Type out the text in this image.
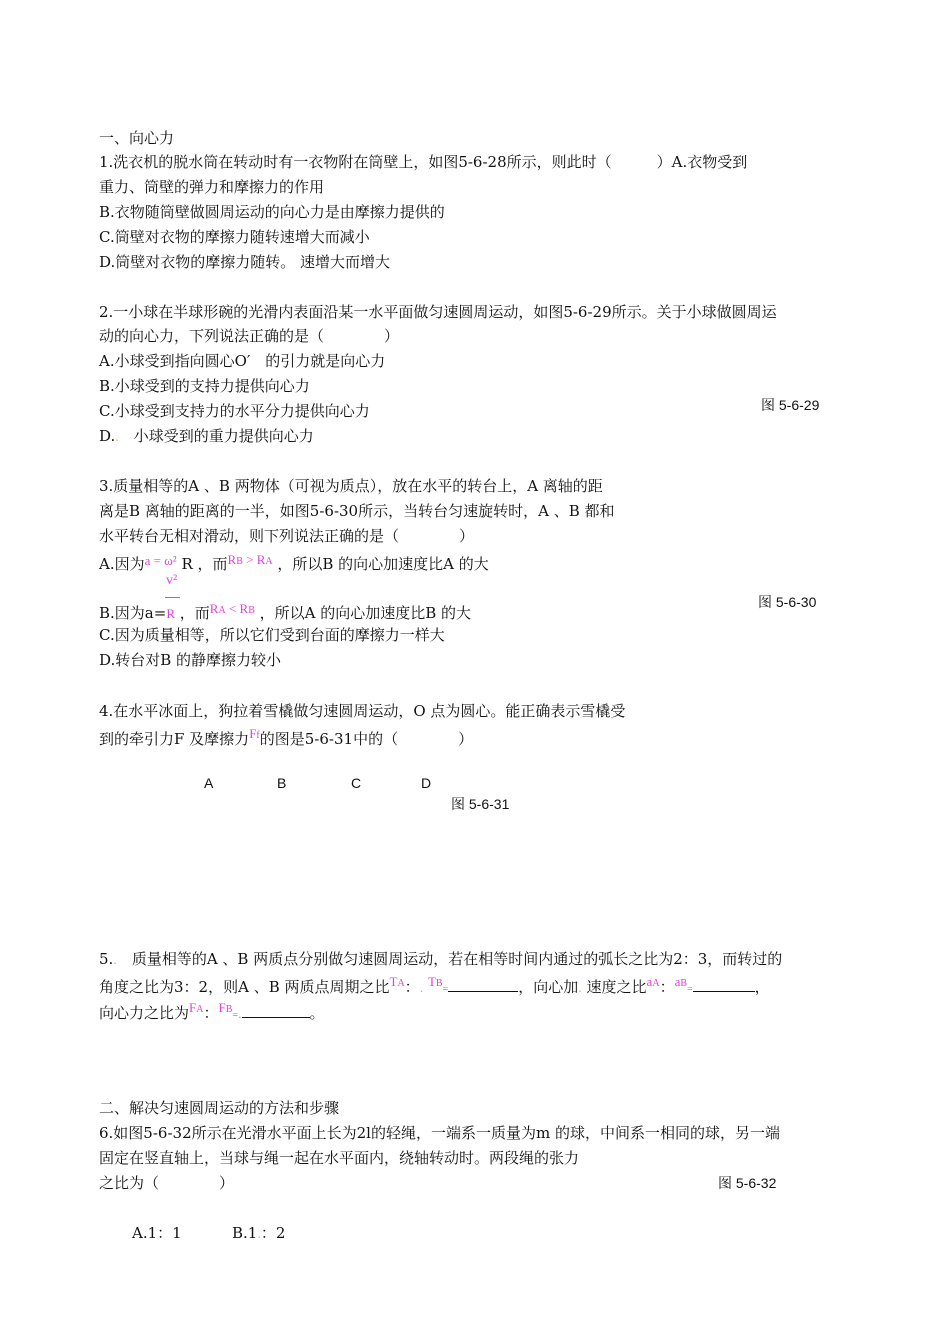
一、向心力
1.洗衣机的脱水筒在转动时有一衣物附在筒壁上，如图5-6-28所示，则此时（　　　）A.衣物受到
重力、筒壁的弹力和摩擦力的作用
B.衣物随筒壁做圆周运动的向心力是由摩擦力提供的
C.筒壁对衣物的摩擦力随转速增大而减小
D.筒壁对衣物的摩擦力随转。 速增大而增大
2.一小球在半球形碗的光滑内表面沿某一水平面做匀速圆周运动，如图5-6-29所示。关于小球做圆周运
动的向心力，下列说法正确的是（　　　　）
A.小球受到指向圆心O′　的引力就是向心力
B.小球受到的支持力提供向心力
C.小球受到支持力的水平分力提供向心力
D..　小球受到的重力提供向心力
图 5-6-29
3.质量相等的A 、B 两物体（可视为质点），放在水平的转台上，A 离轴的距
离是B 离轴的距离的一半，如图5-6-30所示，当转台匀速旋转时，A 、B 都和
水平转台无相对滑动，则下列说法正确的是（　　　　）
A.因为a = ω² R ，而RB > RA ，所以B 的向心加速度比A 的大
v²
B.因为a=R ，而RA < RB ，所以A 的向心加速度比B 的大
C.因为质量相等，所以它们受到台面的摩擦力一样大
D.转台对B 的静摩擦力较小
图 5-6-30
4.在水平冰面上，狗拉着雪橇做匀速圆周运动，O 点为圆心。能正确表示雪橇受
到的牵引力F 及摩擦力Ff的图是5-6-31中的（　　　　）
A	B	C	D
图 5-6-31
5..　质量相等的A 、B 两质点分别做匀速圆周运动，若在相等时间内通过的弧长之比为2：3，而转过的
角度之比为3：2，则A 、B 两质点周期之比TA：. TB=	，向心加. 速度之比aA：aB=	，
向心力之比为FA：FB=.	。
二、解决匀速圆周运动的方法和步骤
6.如图5-6-32所示在光滑水平面上长为2l的轻绳，一端系一质量为m 的球，中间系一相同的球，另一端
固定在竖直轴上，当球与绳一起在水平面内，绕轴转动时。两段绳的张力
之比为（　　　　）	图 5-6-32
A.1：1	B.1.：2
